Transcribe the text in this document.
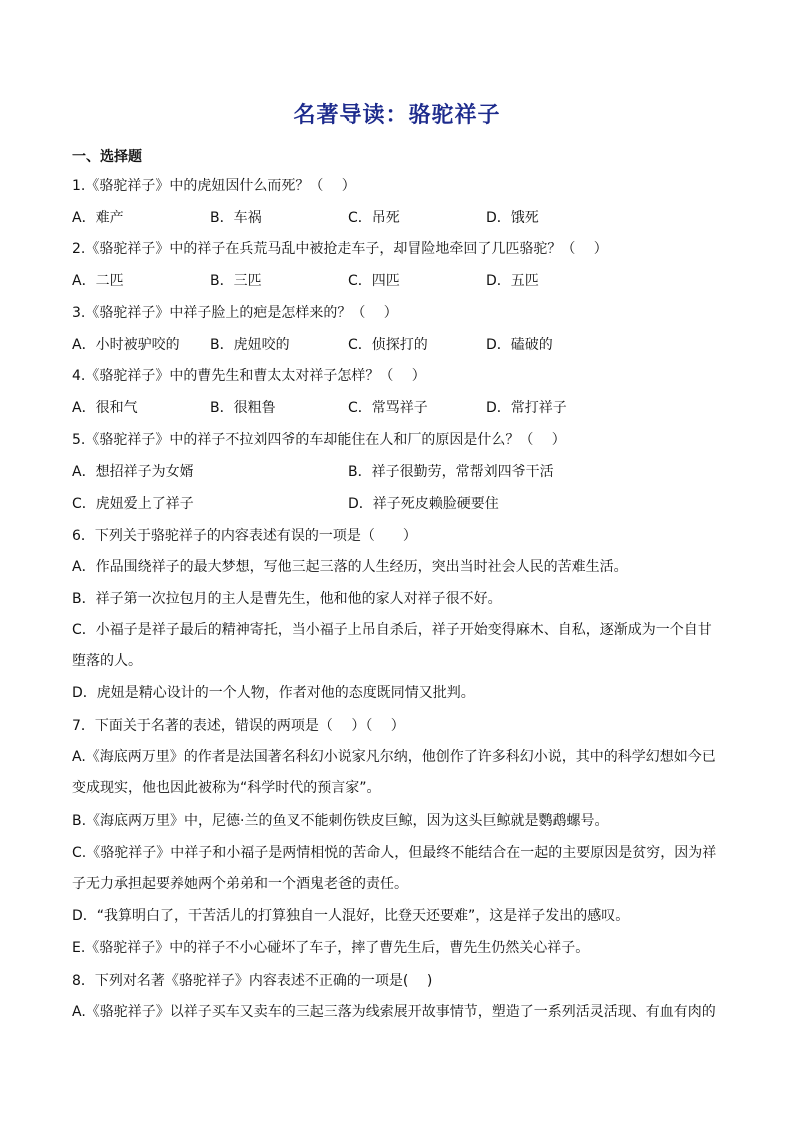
名著导读：骆驼祥子
一、选择题
1.《骆驼祥子》中的虎妞因什么而死？（　 ）
A．难产	B．车祸	C．吊死	D．饿死
2.《骆驼祥子》中的祥子在兵荒马乱中被抢走车子，却冒险地牵回了几匹骆驼？（　 ）
A．二匹	B．三匹	C．四匹	D．五匹
3.《骆驼祥子》中祥子脸上的疤是怎样来的？（　 ）
A．小时被驴咬的 B．虎妞咬的	C．侦探打的	D．磕破的
4.《骆驼祥子》中的曹先生和曹太太对祥子怎样？（　 ）
A．很和气	B．很粗鲁	C．常骂祥子	D．常打祥子
5.《骆驼祥子》中的祥子不拉刘四爷的车却能住在人和厂的原因是什么？（　 ）
A．想招祥子为女婿	B．祥子很勤劳，常帮刘四爷干活
C．虎妞爱上了祥子	D．祥子死皮赖脸硬要住
6．下列关于骆驼祥子的内容表述有误的一项是（　　）
A．作品围绕祥子的最大梦想，写他三起三落的人生经历，突出当时社会人民的苦难生活。
B．祥子第一次拉包月的主人是曹先生，他和他的家人对祥子很不好。
C．小福子是祥子最后的精神寄托，当小福子上吊自杀后，祥子开始变得麻木、自私，逐渐成为一个自甘堕落的人。
D．虎妞是精心设计的一个人物，作者对他的态度既同情又批判。
7．下面关于名著的表述，错误的两项是（　 ）（　 ）
A.《海底两万里》的作者是法国著名科幻小说家凡尔纳，他创作了许多科幻小说，其中的科学幻想如今已变成现实，他也因此被称为“科学时代的预言家”。
B.《海底两万里》中，尼德·兰的鱼叉不能刺伤铁皮巨鲸，因为这头巨鲸就是鹦鹉螺号。
C.《骆驼祥子》中祥子和小福子是两情相悦的苦命人，但最终不能结合在一起的主要原因是贫穷，因为祥子无力承担起要养她两个弟弟和一个酒鬼老爸的责任。
D．“我算明白了，干苦活儿的打算独自一人混好，比登天还要难”，这是祥子发出的感叹。
E.《骆驼祥子》中的祥子不小心碰坏了车子，摔了曹先生后，曹先生仍然关心祥子。
8．下列对名著《骆驼祥子》内容表述不正确的一项是(　 )
A.《骆驼祥子》以祥子买车又卖车的三起三落为线索展开故事情节，塑造了一系列活灵活现、有血有肉的
